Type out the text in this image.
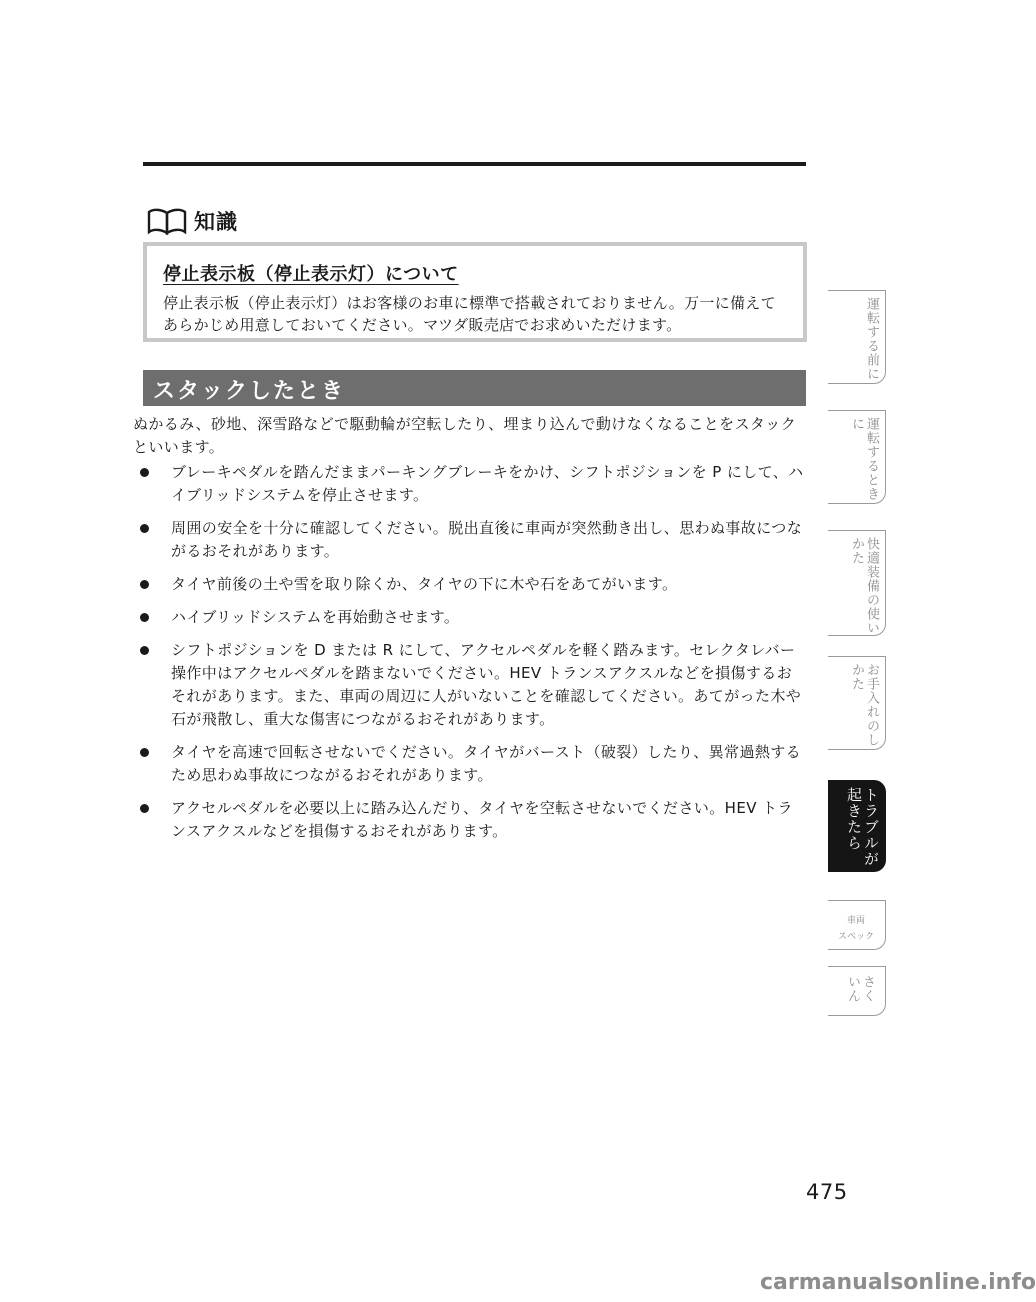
知識
停止表示板（停止表示灯）について
停止表示板（停止表示灯）はお客様のお車に標準で搭載されておりません。万一に備えてあらかじめ用意しておいてください。マツダ販売店でお求めいただけます。
スタックしたとき
ぬかるみ、砂地、深雪路などで駆動輪が空転したり、埋まり込んで動けなくなることをスタックといいます。
ブレーキペダルを踏んだままパーキングブレーキをかけ、シフトポジションを P にして、ハイブリッドシステムを停止させます。
周囲の安全を十分に確認してください。脱出直後に車両が突然動き出し、思わぬ事故につながるおそれがあります。
タイヤ前後の土や雪を取り除くか、タイヤの下に木や石をあてがいます。
ハイブリッドシステムを再始動させます。
シフトポジションを D または R にして、アクセルペダルを軽く踏みます。セレクタレバー操作中はアクセルペダルを踏まないでください。HEV トランスアクスルなどを損傷するおそれがあります。また、車両の周辺に人がいないことを確認してください。あてがった木や石が飛散し、重大な傷害につながるおそれがあります。
タイヤを高速で回転させないでください。タイヤがバースト（破裂）したり、異常過熱するため思わぬ事故につながるおそれがあります。
アクセルペダルを必要以上に踏み込んだり、タイヤを空転させないでください。HEV トランスアクスルなどを損傷するおそれがあります。
運転する前に
運転するときに
快適装備の使いかた
お手入れのしかた
トラブルが起きたら
車両
スペック
さくいん
475
carmanualsonline.info
